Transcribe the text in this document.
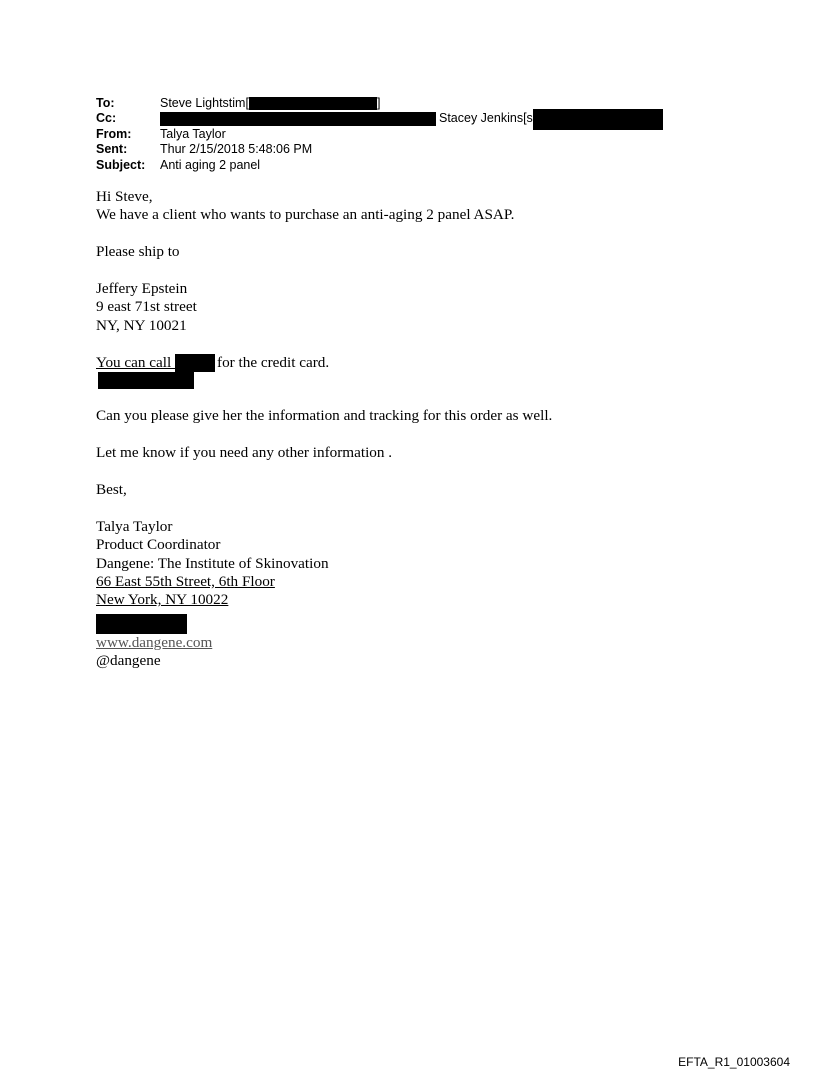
To:	Steve Lightstim[	]
Cc:	Stacey Jenkins[s
From: Talya Taylor
Sent:	Thur 2/15/2018 5:48:06 PM
Subject: Anti aging 2 panel

Hi Steve,

We have a client who wants to purchase an anti-aging 2 panel ASAP.

Please ship to

Jeffery Epstein

9 east 71st street

NY, NY 10021

You can call	for the credit card.

Can you please give her the information and tracking for this order as well.

Let me know if you need any other information .

Best,

Talya Taylor

Product Coordinator

Dangene: The Institute of Skinovation

66 East 55th Street, 6th Floor

New York, NY 10022

www.dangene.com

@dangene

EFTA_R1_01003604
